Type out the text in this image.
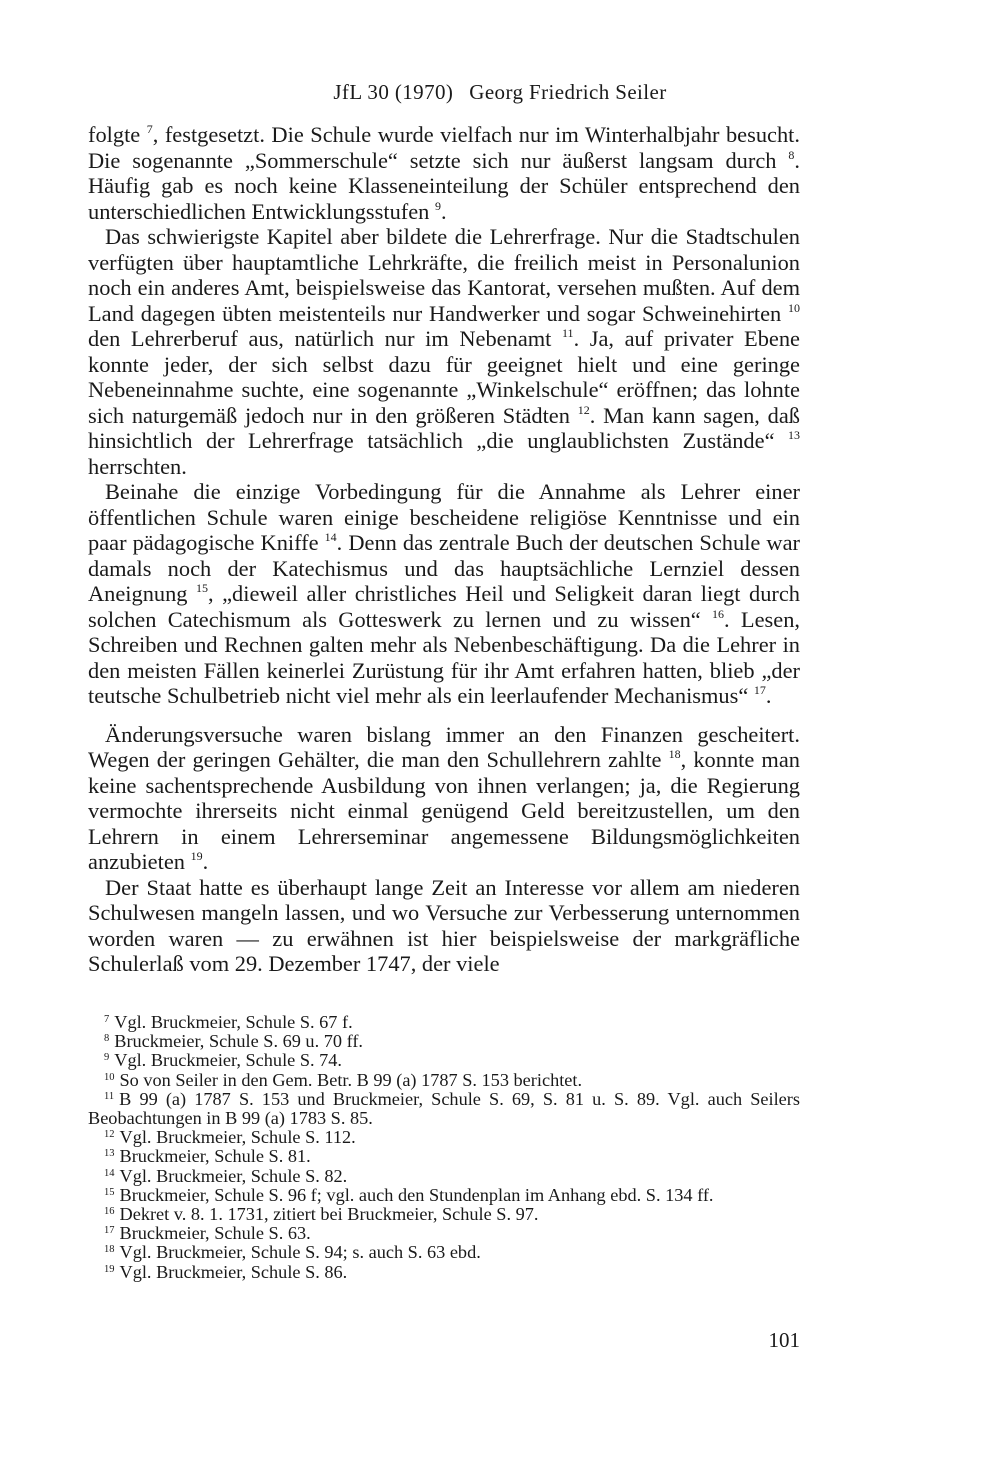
JfL 30 (1970) Georg Friedrich Seiler

folgte $^7$, festgesetzt. Die Schule wurde vielfach nur im Winterhalbjahr besucht. Die sogenannte „Sommerschule“ setzte sich nur äußerst langsam durch $^8$. Häufig gab es noch keine Klasseneinteilung der Schüler entsprechend den unterschiedlichen Entwicklungsstufen $^9$.

Das schwierigste Kapitel aber bildete die Lehrerfrage. Nur die Stadtschulen verfügten über hauptamtliche Lehrkräfte, die freilich meist in Personalunion noch ein anderes Amt, beispielsweise das Kantorat, versehen mußten. Auf dem Land dagegen übten meistenteils nur Handwerker und sogar Schweinehirten $^{10}$ den Lehrerberuf aus, natürlich nur im Nebenamt $^{11}$. Ja, auf privater Ebene konnte jeder, der sich selbst dazu für geeignet hielt und eine geringe Nebeneinnahme suchte, eine sogenannte „Winkelschule“ eröffnen; das lohnte sich naturgemäß jedoch nur in den größeren Städten $^{12}$. Man kann sagen, daß hinsichtlich der Lehrerfrage tatsächlich „die unglaublichsten Zustände“ $^{13}$ herrschten.

Beinahe die einzige Vorbedingung für die Annahme als Lehrer einer öffentlichen Schule waren einige bescheidene religiöse Kenntnisse und ein paar pädagogische Kniffe $^{14}$. Denn das zentrale Buch der deutschen Schule war damals noch der Katechismus und das hauptsächliche Lernziel dessen Aneignung $^{15}$, „dieweil aller christliches Heil und Seligkeit daran liegt durch solchen Catechismum als Gotteswerk zu lernen und zu wissen“ $^{16}$. Lesen, Schreiben und Rechnen galten mehr als Nebenbeschäftigung. Da die Lehrer in den meisten Fällen keinerlei Zurüstung für ihr Amt erfahren hatten, blieb „der teutsche Schulbetrieb nicht viel mehr als ein leerlaufender Mechanismus“ $^{17}$.

Änderungsversuche waren bislang immer an den Finanzen gescheitert. Wegen der geringen Gehälter, die man den Schullehrern zahlte $^{18}$, konnte man keine sachentsprechende Ausbildung von ihnen verlangen; ja, die Regierung vermochte ihrerseits nicht einmal genügend Geld bereitzustellen, um den Lehrern in einem Lehrerseminar angemessene Bildungsmöglichkeiten anzubieten $^{19}$.

Der Staat hatte es überhaupt lange Zeit an Interesse vor allem am niederen Schulwesen mangeln lassen, und wo Versuche zur Verbesserung unternommen worden waren — zu erwähnen ist hier beispielsweise der markgräfliche Schulerlaß vom 29. Dezember 1747, der viele

$^7$ Vgl. Bruckmeier, Schule S. 67 f.

$^8$ Bruckmeier, Schule S. 69 u. 70 ff.

$^9$ Vgl. Bruckmeier, Schule S. 74.

$^{10}$ So von Seiler in den Gem. Betr. B 99 (a) 1787 S. 153 berichtet.

$^{11}$ B 99 (a) 1787 S. 153 und Bruckmeier, Schule S. 69, S. 81 u. S. 89. Vgl. auch Seilers Beobachtungen in B 99 (a) 1783 S. 85.

$^{12}$ Vgl. Bruckmeier, Schule S. 112.

$^{13}$ Bruckmeier, Schule S. 81.

$^{14}$ Vgl. Bruckmeier, Schule S. 82.

$^{15}$ Bruckmeier, Schule S. 96 f; vgl. auch den Stundenplan im Anhang ebd. S. 134 ff.

$^{16}$ Dekret v. 8. 1. 1731, zitiert bei Bruckmeier, Schule S. 97.

$^{17}$ Bruckmeier, Schule S. 63.

$^{18}$ Vgl. Bruckmeier, Schule S. 94; s. auch S. 63 ebd.

$^{19}$ Vgl. Bruckmeier, Schule S. 86.

101
